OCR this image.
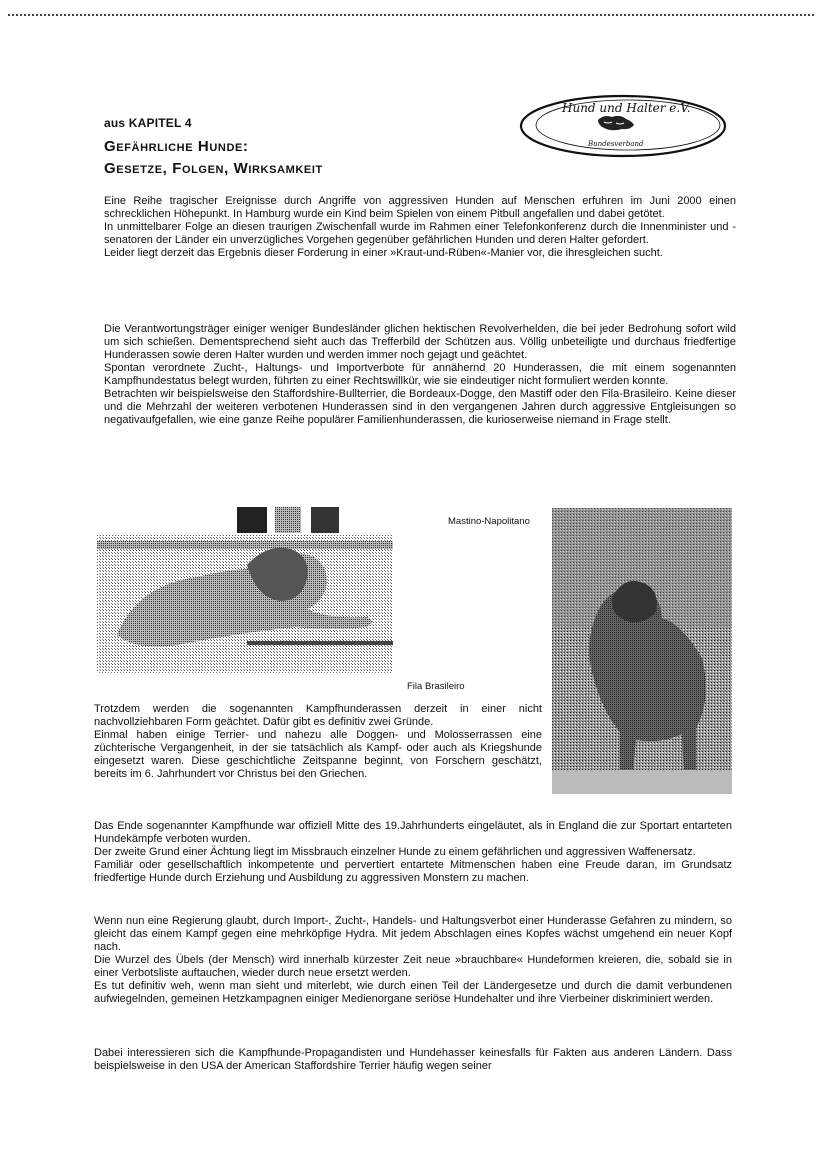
aus KAPITEL 4
Gefährliche Hunde:
Gesetze, Folgen, Wirksamkeit
Hund und Halter e.V.
Bundesverband

Eine Reihe tragischer Ereignisse durch Angriffe von aggressiven Hunden auf Menschen erfuhren im Juni 2000 einen schrecklichen Höhepunkt. In Hamburg wurde ein Kind beim Spielen von einem Pitbull angefallen und dabei getötet.

In unmittelbarer Folge an diesen traurigen Zwischenfall wurde im Rahmen einer Telefonkonferenz durch die Innenminister und -senatoren der Länder ein unverzügliches Vorgehen gegenüber gefährlichen Hunden und deren Halter gefordert.

Leider liegt derzeit das Ergebnis dieser Forderung in einer »Kraut-und-Rüben«-Manier vor, die ihresgleichen sucht.

Die Verantwortungsträger einiger weniger Bundesländer glichen hektischen Revolverhelden, die bei jeder Bedrohung sofort wild um sich schießen. Dementsprechend sieht auch das Trefferbild der Schützen aus. Völlig unbeteiligte und durchaus friedfertige Hunderassen sowie deren Halter wurden und werden immer noch gejagt und geächtet.

Spontan verordnete Zucht-, Haltungs- und Importverbote für annähernd 20 Hunderassen, die mit einem sogenannten Kampfhundestatus belegt wurden, führten zu einer Rechtswillkür, wie sie eindeutiger nicht formuliert werden konnte.

Betrachten wir beispielsweise den Staffordshire-Bullterrier, die Bordeaux-Dogge, den Mastiff oder den Fila-Brasileiro. Keine dieser und die Mehrzahl der weiteren verbotenen Hunderassen sind in den vergangenen Jahren durch aggressive Entgleisungen so negativaufgefallen, wie eine ganze Reihe populärer Familienhunderassen, die kurioserweise niemand in Frage stellt.

Mastino-Napolitano
Fila Brasileiro

Trotzdem werden die sogenannten Kampfhunderassen derzeit in einer nicht nachvollziehbaren Form geächtet. Dafür gibt es definitiv zwei Gründe.

Einmal haben einige Terrier- und nahezu alle Doggen- und Molosserrassen eine züchterische Vergangenheit, in der sie tatsächlich als Kampf- oder auch als Kriegshunde eingesetzt waren. Diese geschichtliche Zeitspanne beginnt, von Forschern geschätzt, bereits im 6. Jahrhundert vor Christus bei den Griechen.

Das Ende sogenannter Kampfhunde war offiziell Mitte des 19.Jahrhunderts eingeläutet, als in England die zur Sportart entarteten Hundekämpfe verboten wurden.

Der zweite Grund einer Ächtung liegt im Missbrauch einzelner Hunde zu einem gefährlichen und aggressiven Waffenersatz.

Familiär oder gesellschaftlich inkompetente und pervertiert entartete Mitmenschen haben eine Freude daran, im Grundsatz friedfertige Hunde durch Erziehung und Ausbildung zu aggressiven Monstern zu machen.

Wenn nun eine Regierung glaubt, durch Import-, Zucht-, Handels- und Haltungsverbot einer Hunderasse Gefahren zu mindern, so gleicht das einem Kampf gegen eine mehrköpfige Hydra. Mit jedem Abschlagen eines Kopfes wächst umgehend ein neuer Kopf nach.

Die Wurzel des Übels (der Mensch) wird innerhalb kürzester Zeit neue »brauchbare« Hundeformen kreieren, die, sobald sie in einer Verbotsliste auftauchen, wieder durch neue ersetzt werden.

Es tut definitiv weh, wenn man sieht und miterlebt, wie durch einen Teil der Ländergesetze und durch die damit verbundenen aufwiegelnden, gemeinen Hetzkampagnen einiger Medienorgane seriöse Hundehalter und ihre Vierbeiner diskriminiert werden.

Dabei interessieren sich die Kampfhunde-Propagandisten und Hundehasser keinesfalls für Fakten aus anderen Ländern. Dass beispielsweise in den USA der American Staffordshire Terrier häufig wegen seiner
